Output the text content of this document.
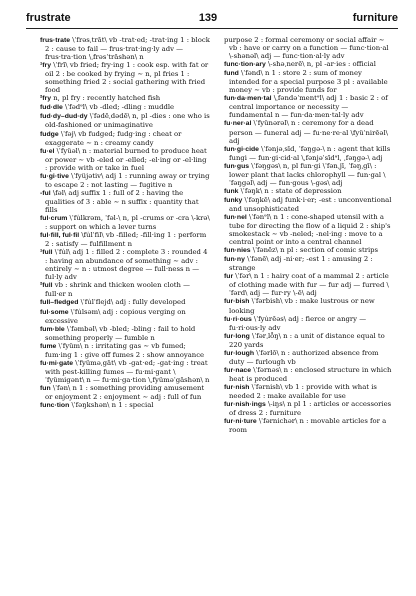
frustrate	139	furniture

frus·trate \ˈfrəsˌtrāt\ vb -trat·ed; -trat·ing 1 : block 2 : cause to fail — frus·trat·ing·ly adv — frus·tra·tion \ˌfrəsˈtrāshən\ n

¹fry \ˈfrī\ vb fried; fry·ing 1 : cook esp. with fat or oil 2 : be cooked by frying ∼ n, pl fries 1 : something fried 2 : social gathering with fried food

²fry n, pl fry : recently hatched fish

fud·dle \ˈfədᵊl\ vb -dled; -dling : muddle

fud·dy–dud·dy \ˈfədēˌdədē\ n, pl -dies : one who is old-fashioned or unimaginative

fudge \ˈfəj\ vb fudged; fudg·ing : cheat or exaggerate ∼ n : creamy candy

fu·el \ˈfyüəl\ n : material burned to produce heat or power ∼ vb -eled or -elled; -el·ing or -el·ling : provide with or take in fuel

fu·gi·tive \ˈfyüjətiv\ adj 1 : running away or trying to escape 2 : not lasting — fugitive n

-ful \fəl\ adj suffix 1 : full of 2 : having the qualities of 3 : able ∼ n suffix : quantity that fills

ful·crum \ˈfu̇lkrəm, ˈfəl-\ n, pl -crums or -cra \-krə\ : support on which a lever turns

ful·fill, ful·fil \fu̇lˈfil\ vb -filled; -fill·ing 1 : perform 2 : satisfy — fulfillment n

¹full \ˈfu̇l\ adj 1 : filled 2 : complete 3 : rounded 4 : having an abundance of something ∼ adv : entirely ∼ n : utmost degree — full·ness n — ful·ly adv

²full vb : shrink and thicken woolen cloth — full·er n

full–fledged \ˈfu̇lˈflejd\ adj : fully developed

ful·some \ˈfu̇lsəm\ adj : copious verging on excessive

fum·ble \ˈfəmbəl\ vb -bled; -bling : fail to hold something properly — fumble n

fume \ˈfyüm\ n : irritating gas ∼ vb fumed; fum·ing 1 : give off fumes 2 : show annoyance

fu·mi·gate \ˈfyüməˌgāt\ vb -gat·ed; -gat·ing : treat with pest-killing fumes — fu·mi·gant \ˈfyümigənt\ n — fu·mi·ga·tion \ˌfyüməˈgāshən\ n

fun \ˈfən\ n 1 : something providing amusement or enjoyment 2 : enjoyment ∼ adj : full of fun

func·tion \ˈfəŋkshən\ n 1 : special

purpose 2 : formal ceremony or social affair ∼ vb : have or carry on a function — func·tion·al \-shənəl\ adj — func·tion·al·ly adv

func·tion·ary \-shəˌnerē\ n, pl -ar·ies : official

fund \ˈfənd\ n 1 : store 2 : sum of money intended for a special purpose 3 pl : available money ∼ vb : provide funds for

fun·da·men·tal \ˌfəndəˈmentᵊl\ adj 1 : basic 2 : of central importance or necessity — fundamental n — fun·da·men·tal·ly adv

fu·ner·al \ˈfyünərəl\ n : ceremony for a dead person — funeral adj — fu·ne·re·al \fyüˈnirēəl\ adj

fun·gi·cide \ˈfənjəˌsīd, ˈfəŋgə-\ n : agent that kills fungi — fun·gi·cid·al \ˌfənjəˈsīdᵊl, ˌfəŋgə-\ adj

fun·gus \ˈfəŋgəs\ n, pl fun·gi \ˈfənˌjī, ˈfəŋˌgī\ : lower plant that lacks chlorophyll — fun·gal \ˈfəŋgəl\ adj — fun·gous \-gəs\ adj

funk \ˈfəŋk\ n : state of depression

funky \ˈfəŋkē\ adj funk·i·er; -est : unconventional and unsophisticated

fun·nel \ˈfənᵊl\ n 1 : cone-shaped utensil with a tube for directing the flow of a liquid 2 : ship's smokestack ∼ vb -neled; -nel·ing : move to a central point or into a central channel

fun·nies \ˈfənēz\ n pl : section of comic strips

fun·ny \ˈfənē\ adj -ni·er; -est 1 : amusing 2 : strange

fur \ˈfər\ n 1 : hairy coat of a mammal 2 : article of clothing made with fur — fur adj — furred \ˈfərd\ adj — fur·ry \-ē\ adj

fur·bish \ˈfərbish\ vb : make lustrous or new looking

fu·ri·ous \ˈfyu̇rēəs\ adj : fierce or angry — fu·ri·ous·ly adv

fur·long \ˈfərˌlo̊ŋ\ n : a unit of distance equal to 220 yards

fur·lough \ˈfərlō\ n : authorized absence from duty — furlough vb

fur·nace \ˈfərnəs\ n : enclosed structure in which heat is produced

fur·nish \ˈfərnish\ vb 1 : provide with what is needed 2 : make available for use

fur·nish·ings \-iŋs\ n pl 1 : articles or accessories of dress 2 : furniture

fur·ni·ture \ˈfərnichər\ n : movable articles for a room
